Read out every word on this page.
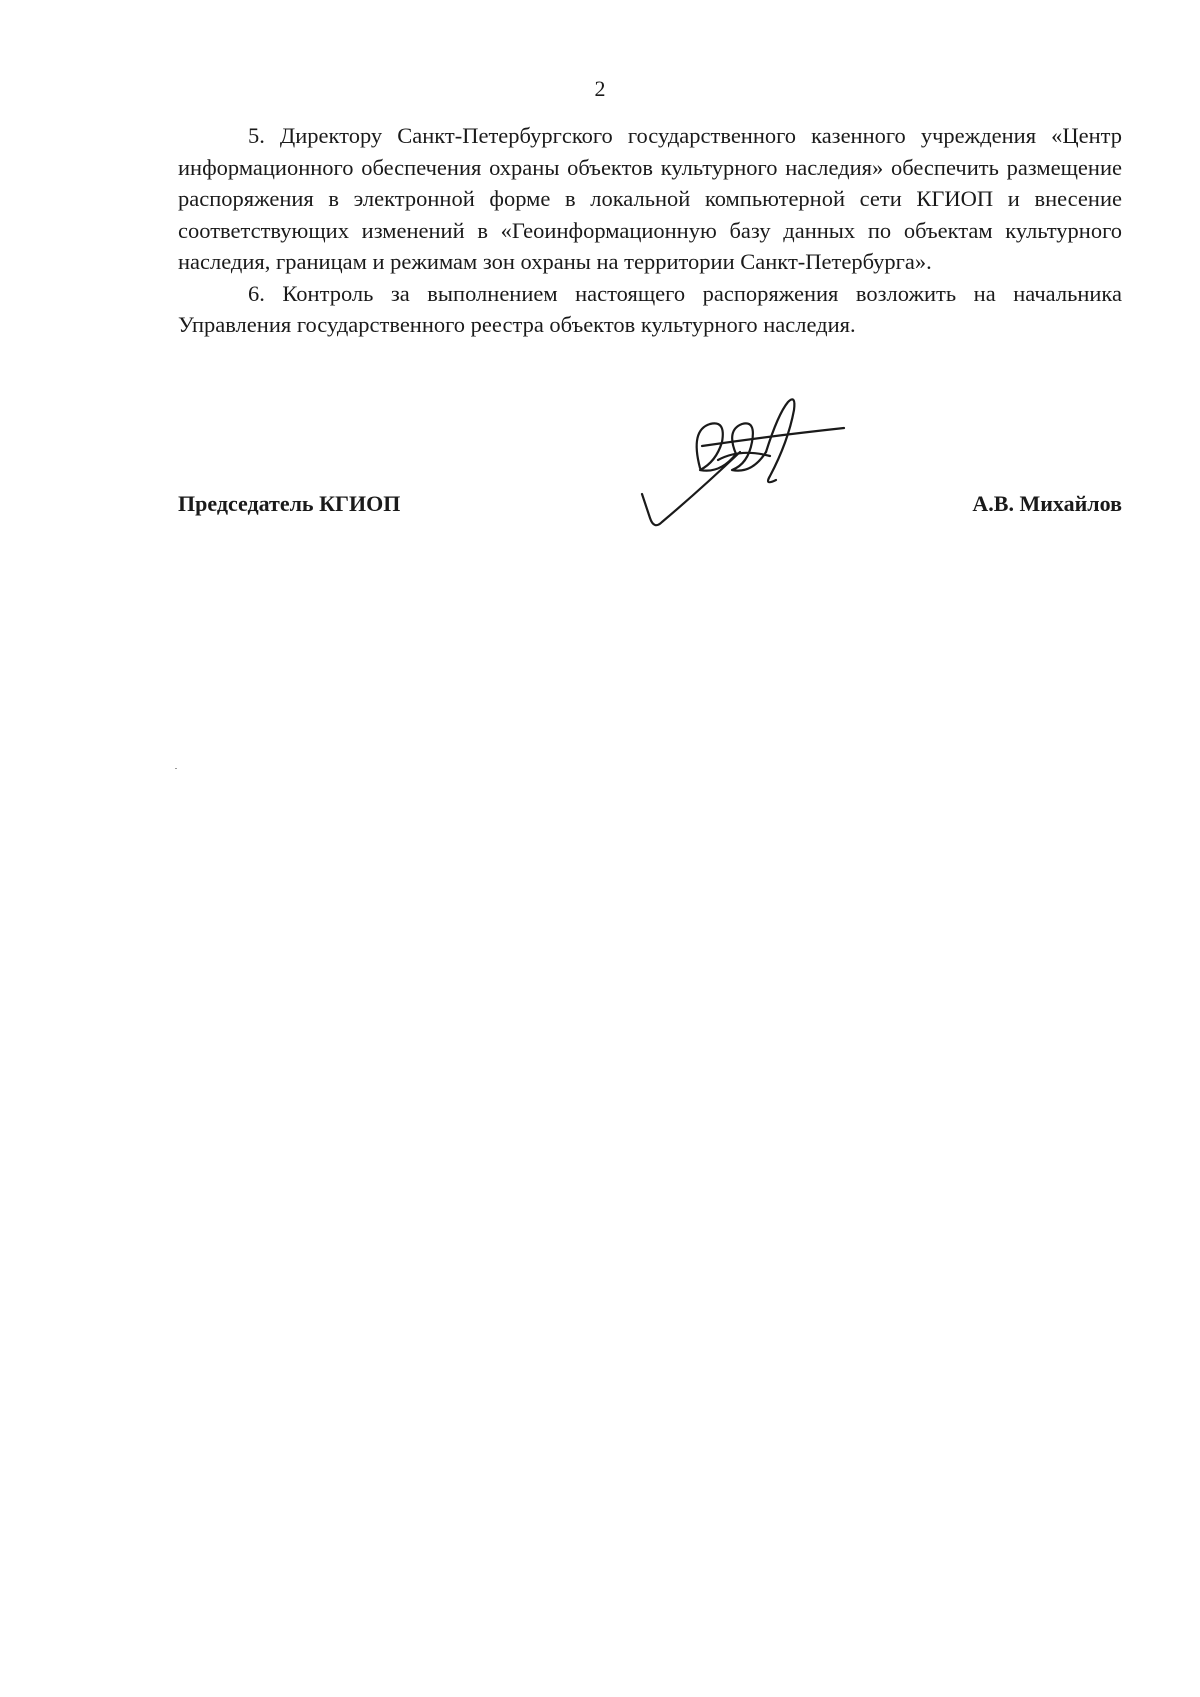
2

5. Директору Санкт-Петербургского государственного казенного учреждения «Центр информационного обеспечения охраны объектов культурного наследия» обеспечить размещение распоряжения в электронной форме в локальной компьютерной сети КГИОП и внесение соответствующих изменений в «Геоинформационную базу данных по объектам культурного наследия, границам и режимам зон охраны на территории Санкт-Петербурга».

6. Контроль за выполнением настоящего распоряжения возложить на начальника Управления государственного реестра объектов культурного наследия.

Председатель КГИОП	А.В. Михайлов
